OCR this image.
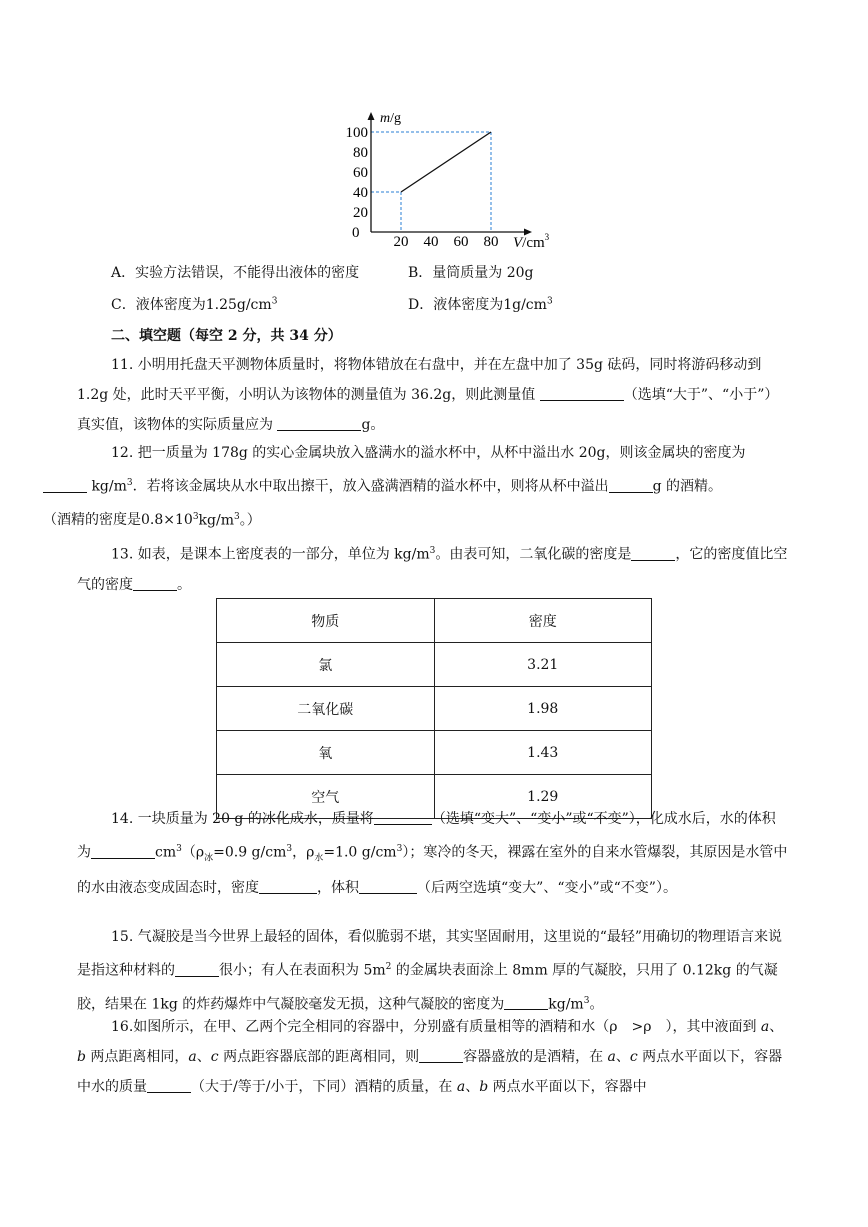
m/g
0
100
80
60
40
20
20 40 60 80 $V/cm^3$
A．实验方法错误，不能得出液体的密度	B．量筒质量为 20g
C．液体密度为$1.25g/cm^3$	D．液体密度为$1g/cm^3$
二、填空题（每空 2 分，共 34 分）
11. 小明用托盘天平测物体质量时，将物体错放在右盘中，并在左盘中加了 35g 砝码，同时将游码移动到 1.2g 处，此时天平平衡，小明认为该物体的测量值为 36.2g，则此测量值	（选填“大于”、“小于”）真实值，该物体的实际质量应为	g。
12. 把一质量为 178g 的实心金属块放入盛满水的溢水杯中，从杯中溢出水 20g，则该金属块的密度为
$kg/m^3$．若将该金属块从水中取出擦干，放入盛满酒精的溢水杯中，则将从杯中溢出	g 的酒精。
（酒精的密度是$0.8\times 10^3kg/m^3$。）
13. 如表，是课本上密度表的一部分，单位为 $kg/m^3$。由表可知，二氧化碳的密度是	，它的密度值比空气的密度	。
物质	密度
氯	3.21
二氧化碳	1.98
氧	1.43
空气	1.29
14. 一块质量为 20 g 的冰化成水，质量将	（选填“变大”、“变小”或“不变”），化成水后，水的体积为	$cm^3(\rho_冰=0.9$ $g/cm^3$，$\rho_水=1.0$ $g/cm^3$）；寒冷的冬天，裸露在室外的自来水管爆裂，其原因是水管中的水由液态变成固态时，密度	，体积	（后两空选填“变大”、“变小”或“不变”）。
15. 气凝胶是当今世界上最轻的固体，看似脆弱不堪，其实坚固耐用，这里说的“最轻”用确切的物理语言来说是指这种材料的	很小；有人在表面积为 $5m^2$ 的金属块表面涂上 8mm 厚的气凝胶，只用了 0.12kg 的气凝胶，结果在 1kg 的炸药爆炸中气凝胶毫发无损，这种气凝胶的密度为	$kg/m^3$。
16.如图所示，在甲、乙两个完全相同的容器中，分别盛有质量相等的酒精和水（ρ　>ρ　），其中液面到 a、b 两点距离相同，a、c 两点距容器底部的距离相同，则	容器盛放的是酒精，在 a、c 两点水平面以下，容器中水的质量	（大于/等于/小于，下同）酒精的质量，在 a、b 两点水平面以下，容器中
